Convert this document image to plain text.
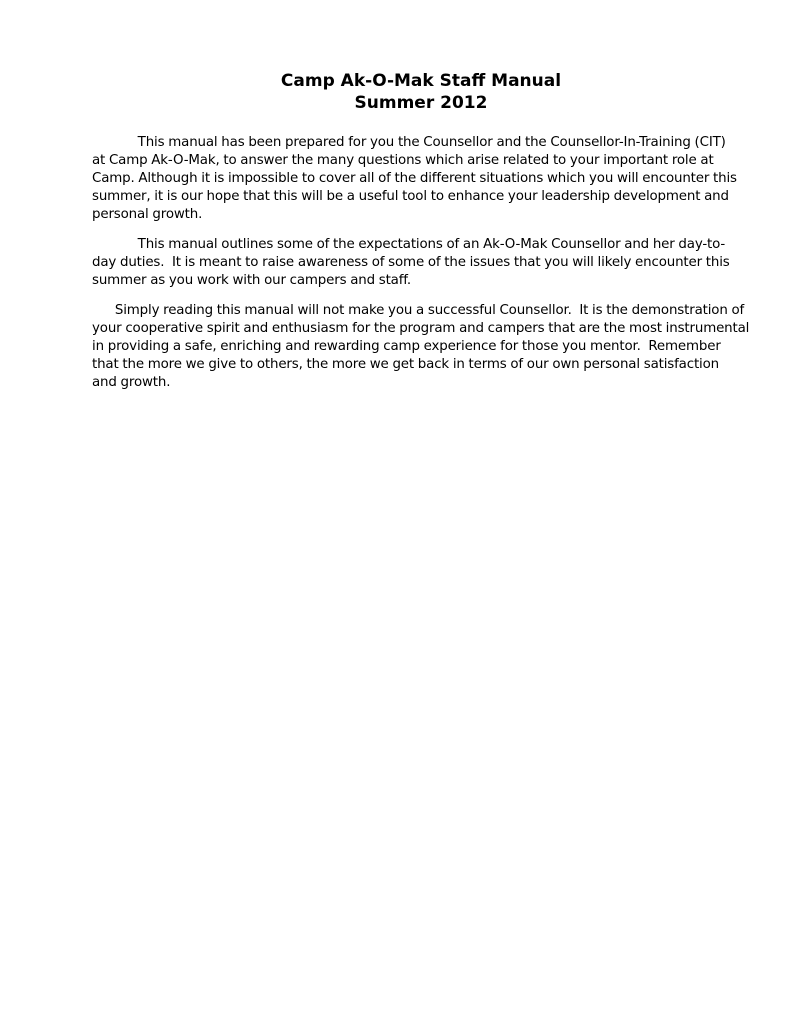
Camp Ak-O-Mak Staff Manual
Summer 2012
This manual has been prepared for you the Counsellor and the Counsellor-In-Training (CIT)
at Camp Ak-O-Mak, to answer the many questions which arise related to your important role at
Camp. Although it is impossible to cover all of the different situations which you will encounter this
summer, it is our hope that this will be a useful tool to enhance your leadership development and
personal growth.
This manual outlines some of the expectations of an Ak-O-Mak Counsellor and her day-to-
day duties.  It is meant to raise awareness of some of the issues that you will likely encounter this
summer as you work with our campers and staff.
Simply reading this manual will not make you a successful Counsellor.  It is the demonstration of
your cooperative spirit and enthusiasm for the program and campers that are the most instrumental
in providing a safe, enriching and rewarding camp experience for those you mentor.  Remember
that the more we give to others, the more we get back in terms of our own personal satisfaction
and growth.
